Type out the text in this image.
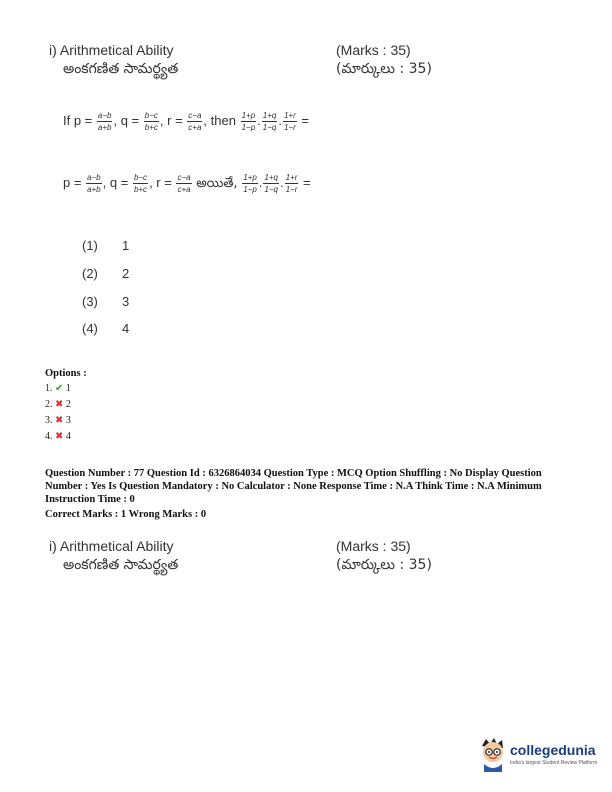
i) Arithmetical Ability	(Marks : 35)
అంకగణిత సామర్థ్యత	(మార్కులు : 35)
If $p = \frac{a-b}{a+b}$ , $q = \frac{b-c}{b+c}$ , $r = \frac{c-a}{c+a}$ , then $\frac{1+p}{1-p}$ . $\frac{1+q}{1-q}$ . $\frac{1+r}{1-r}$ =
$p = \frac{a-b}{a+b}$ , $q = \frac{b-c}{b+c}$ , $r = \frac{c-a}{c+a}$ అయితే, $\frac{1+p}{1-p}$ . $\frac{1+q}{1-q}$ . $\frac{1+r}{1-r}$ =
(1) 1
(2) 2
(3) 3
(4) 4
Options :
1. ✔ 1
2. ✖ 2
3. ✖ 3
4. ✖ 4
Question Number : 77 Question Id : 6326864034 Question Type : MCQ Option Shuffling : No Display Question
Number : Yes Is Question Mandatory : No Calculator : None Response Time : N.A Think Time : N.A Minimum
Instruction Time : 0
Correct Marks : 1 Wrong Marks : 0
i) Arithmetical Ability	(Marks : 35)
అంకగణిత సామర్థ్యత	(మార్కులు : 35)
collegedunia
India's largest Student Review Platform
